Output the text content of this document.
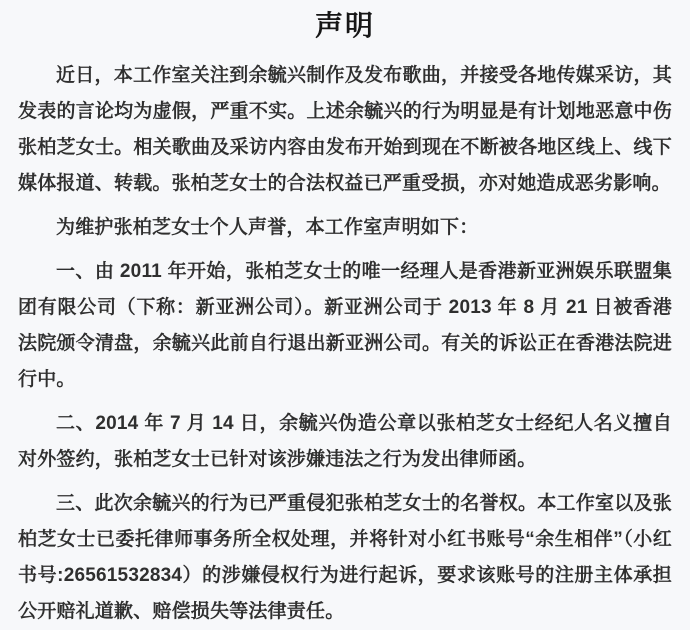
声明

近日，本工作室关注到余毓兴制作及发布歌曲，并接受各地传媒采访，其发表的言论均为虚假，严重不实。上述余毓兴的行为明显是有计划地恶意中伤张柏芝女士。相关歌曲及采访内容由发布开始到现在不断被各地区线上、线下媒体报道、转载。张柏芝女士的合法权益已严重受损，亦对她造成恶劣影响。

为维护张柏芝女士个人声誉，本工作室声明如下：

一、由 2011 年开始，张柏芝女士的唯一经理人是香港新亚洲娱乐联盟集团有限公司（下称：新亚洲公司）。新亚洲公司于 2013 年 8 月 21 日被香港法院颁令清盘，余毓兴此前自行退出新亚洲公司。有关的诉讼正在香港法院进行中。

二、2014 年 7 月 14 日，余毓兴伪造公章以张柏芝女士经纪人名义擅自对外签约，张柏芝女士已针对该涉嫌违法之行为发出律师函。

三、此次余毓兴的行为已严重侵犯张柏芝女士的名誉权。本工作室以及张柏芝女士已委托律师事务所全权处理，并将针对小红书账号“余生相伴”（小红书号:26561532834）的涉嫌侵权行为进行起诉，要求该账号的注册主体承担公开赔礼道歉、赔偿损失等法律责任。
